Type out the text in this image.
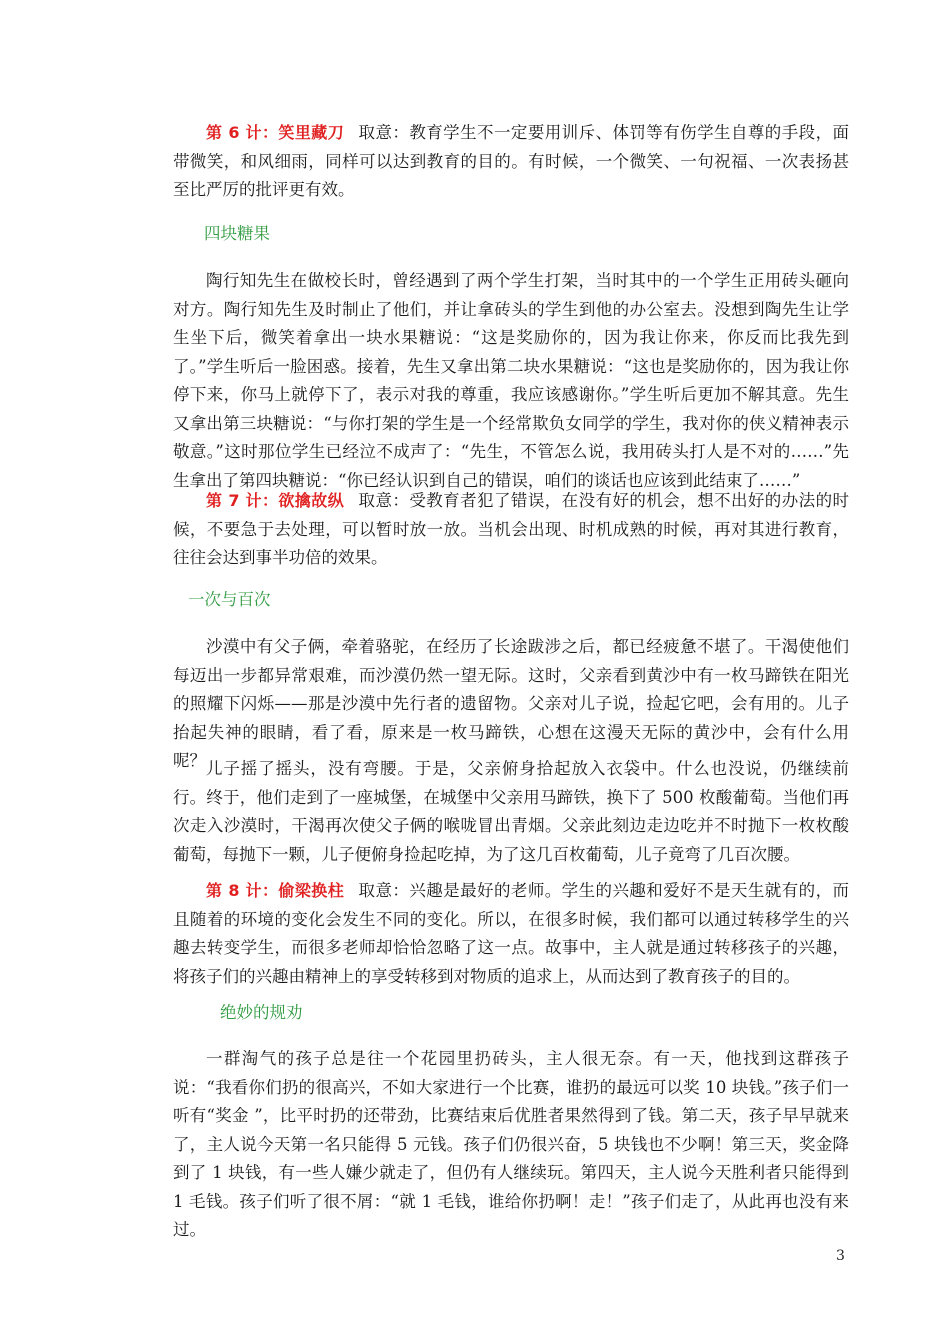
第 6 计：笑里藏刀 取意：教育学生不一定要用训斥、体罚等有伤学生自尊的手段，面带微笑，和风细雨，同样可以达到教育的目的。有时候，一个微笑、一句祝福、一次表扬甚至比严厉的批评更有效。

四块糖果

陶行知先生在做校长时，曾经遇到了两个学生打架，当时其中的一个学生正用砖头砸向对方。陶行知先生及时制止了他们，并让拿砖头的学生到他的办公室去。没想到陶先生让学生坐下后，微笑着拿出一块水果糖说：“这是奖励你的，因为我让你来，你反而比我先到了。”学生听后一脸困惑。接着，先生又拿出第二块水果糖说：“这也是奖励你的，因为我让你停下来，你马上就停下了，表示对我的尊重，我应该感谢你。”学生听后更加不解其意。先生又拿出第三块糖说：“与你打架的学生是一个经常欺负女同学的学生，我对你的侠义精神表示敬意。”这时那位学生已经泣不成声了：“先生，不管怎么说，我用砖头打人是不对的……”先生拿出了第四块糖说：“你已经认识到自己的错误，咱们的谈话也应该到此结束了……”

第 7 计：欲擒故纵 取意：受教育者犯了错误，在没有好的机会，想不出好的办法的时候，不要急于去处理，可以暂时放一放。当机会出现、时机成熟的时候，再对其进行教育，往往会达到事半功倍的效果。

一次与百次

沙漠中有父子俩，牵着骆驼，在经历了长途跋涉之后，都已经疲惫不堪了。干渴使他们每迈出一步都异常艰难，而沙漠仍然一望无际。这时，父亲看到黄沙中有一枚马蹄铁在阳光的照耀下闪烁——那是沙漠中先行者的遗留物。父亲对儿子说，捡起它吧，会有用的。儿子抬起失神的眼睛，看了看，原来是一枚马蹄铁，心想在这漫天无际的黄沙中，会有什么用呢？ 儿子摇了摇头，没有弯腰。于是，父亲俯身拾起放入衣袋中。什么也没说，仍继续前行。终于，他们走到了一座城堡，在城堡中父亲用马蹄铁，换下了 500 枚酸葡萄。当他们再次走入沙漠时，干渴再次使父子俩的喉咙冒出青烟。父亲此刻边走边吃并不时抛下一枚枚酸葡萄，每抛下一颗，儿子便俯身捡起吃掉，为了这几百枚葡萄，儿子竟弯了几百次腰。

第 8 计：偷梁换柱 取意：兴趣是最好的老师。学生的兴趣和爱好不是天生就有的，而且随着的环境的变化会发生不同的变化。所以，在很多时候，我们都可以通过转移学生的兴趣去转变学生，而很多老师却恰恰忽略了这一点。故事中，主人就是通过转移孩子的兴趣，将孩子们的兴趣由精神上的享受转移到对物质的追求上，从而达到了教育孩子的目的。

绝妙的规劝

一群淘气的孩子总是往一个花园里扔砖头，主人很无奈。有一天，他找到这群孩子说：“我看你们扔的很高兴，不如大家进行一个比赛，谁扔的最远可以奖 10 块钱。”孩子们一听有“奖金 ”，比平时扔的还带劲，比赛结束后优胜者果然得到了钱。第二天，孩子早早就来了，主人说今天第一名只能得 5 元钱。孩子们仍很兴奋，5 块钱也不少啊！第三天，奖金降到了 1 块钱，有一些人嫌少就走了，但仍有人继续玩。第四天，主人说今天胜利者只能得到 1 毛钱。孩子们听了很不屑：“就 1 毛钱，谁给你扔啊！走！”孩子们走了，从此再也没有来过。

3
